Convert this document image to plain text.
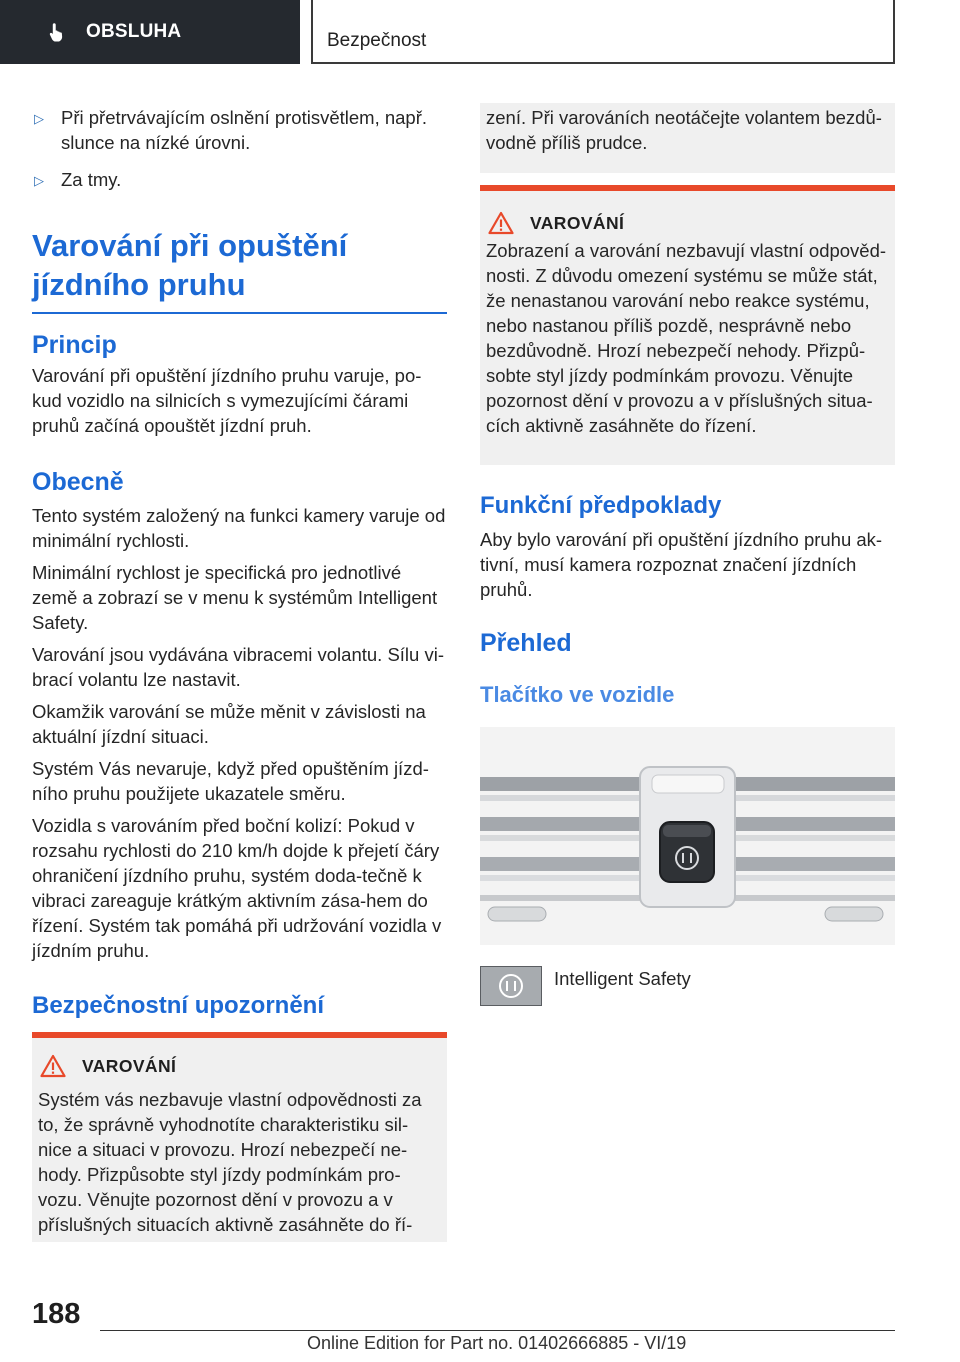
OBSLUHA	Bezpečnost
▷ Při přetrvávajícím oslnění protisvětlem, např. slunce na nízké úrovni.
▷ Za tmy.
Varování při opuštění jízdního pruhu
Princip

Varování při opuštění jízdního pruhu varuje, po-kud vozidlo na silnicích s vymezujícími čárami pruhů začíná opouštět jízdní pruh.

Obecně

Tento systém založený na funkci kamery varuje od minimální rychlosti.

Minimální rychlost je specifická pro jednotlivé země a zobrazí se v menu k systémům Intelligent Safety.

Varování jsou vydávána vibracemi volantu. Sílu vi-brací volantu lze nastavit.

Okamžik varování se může měnit v závislosti na aktuální jízdní situaci.

Systém Vás nevaruje, když před opuštěním jízd-ního pruhu použijete ukazatele směru.

Vozidla s varováním před boční kolizí: Pokud v rozsahu rychlosti do 210 km/h dojde k přejetí čáry ohraničení jízdního pruhu, systém doda-tečně k vibraci zareaguje krátkým aktivním zása-hem do řízení. Systém tak pomáhá při udržování vozidla v jízdním pruhu.

Bezpečnostní upozornění
VAROVÁNÍ

Systém vás nezbavuje vlastní odpovědnosti za to, že správně vyhodnotíte charakteristiku sil-nice a situaci v provozu. Hrozí nebezpečí ne-hody. Přizpůsobte styl jízdy podmínkám pro-vozu. Věnujte pozornost dění v provozu a v příslušných situacích aktivně zasáhněte do ří-

zení. Při varováních neotáčejte volantem bezdů-vodně příliš prudce.

VAROVÁNÍ

Zobrazení a varování nezbavují vlastní odpověd-nosti. Z důvodu omezení systému se může stát, že nenastanou varování nebo reakce systému, nebo nastanou příliš pozdě, nesprávně nebo bezdůvodně. Hrozí nebezpečí nehody. Přizpů-sobte styl jízdy podmínkám provozu. Věnujte pozornost dění v provozu a v příslušných situa-cích aktivně zasáhněte do řízení.

Funkční předpoklady

Aby bylo varování při opuštění jízdního pruhu ak-tivní, musí kamera rozpoznat značení jízdních pruhů.

Přehled
Tlačítko ve vozidle
Intelligent Safety
188
Online Edition for Part no. 01402666885 - VI/19
